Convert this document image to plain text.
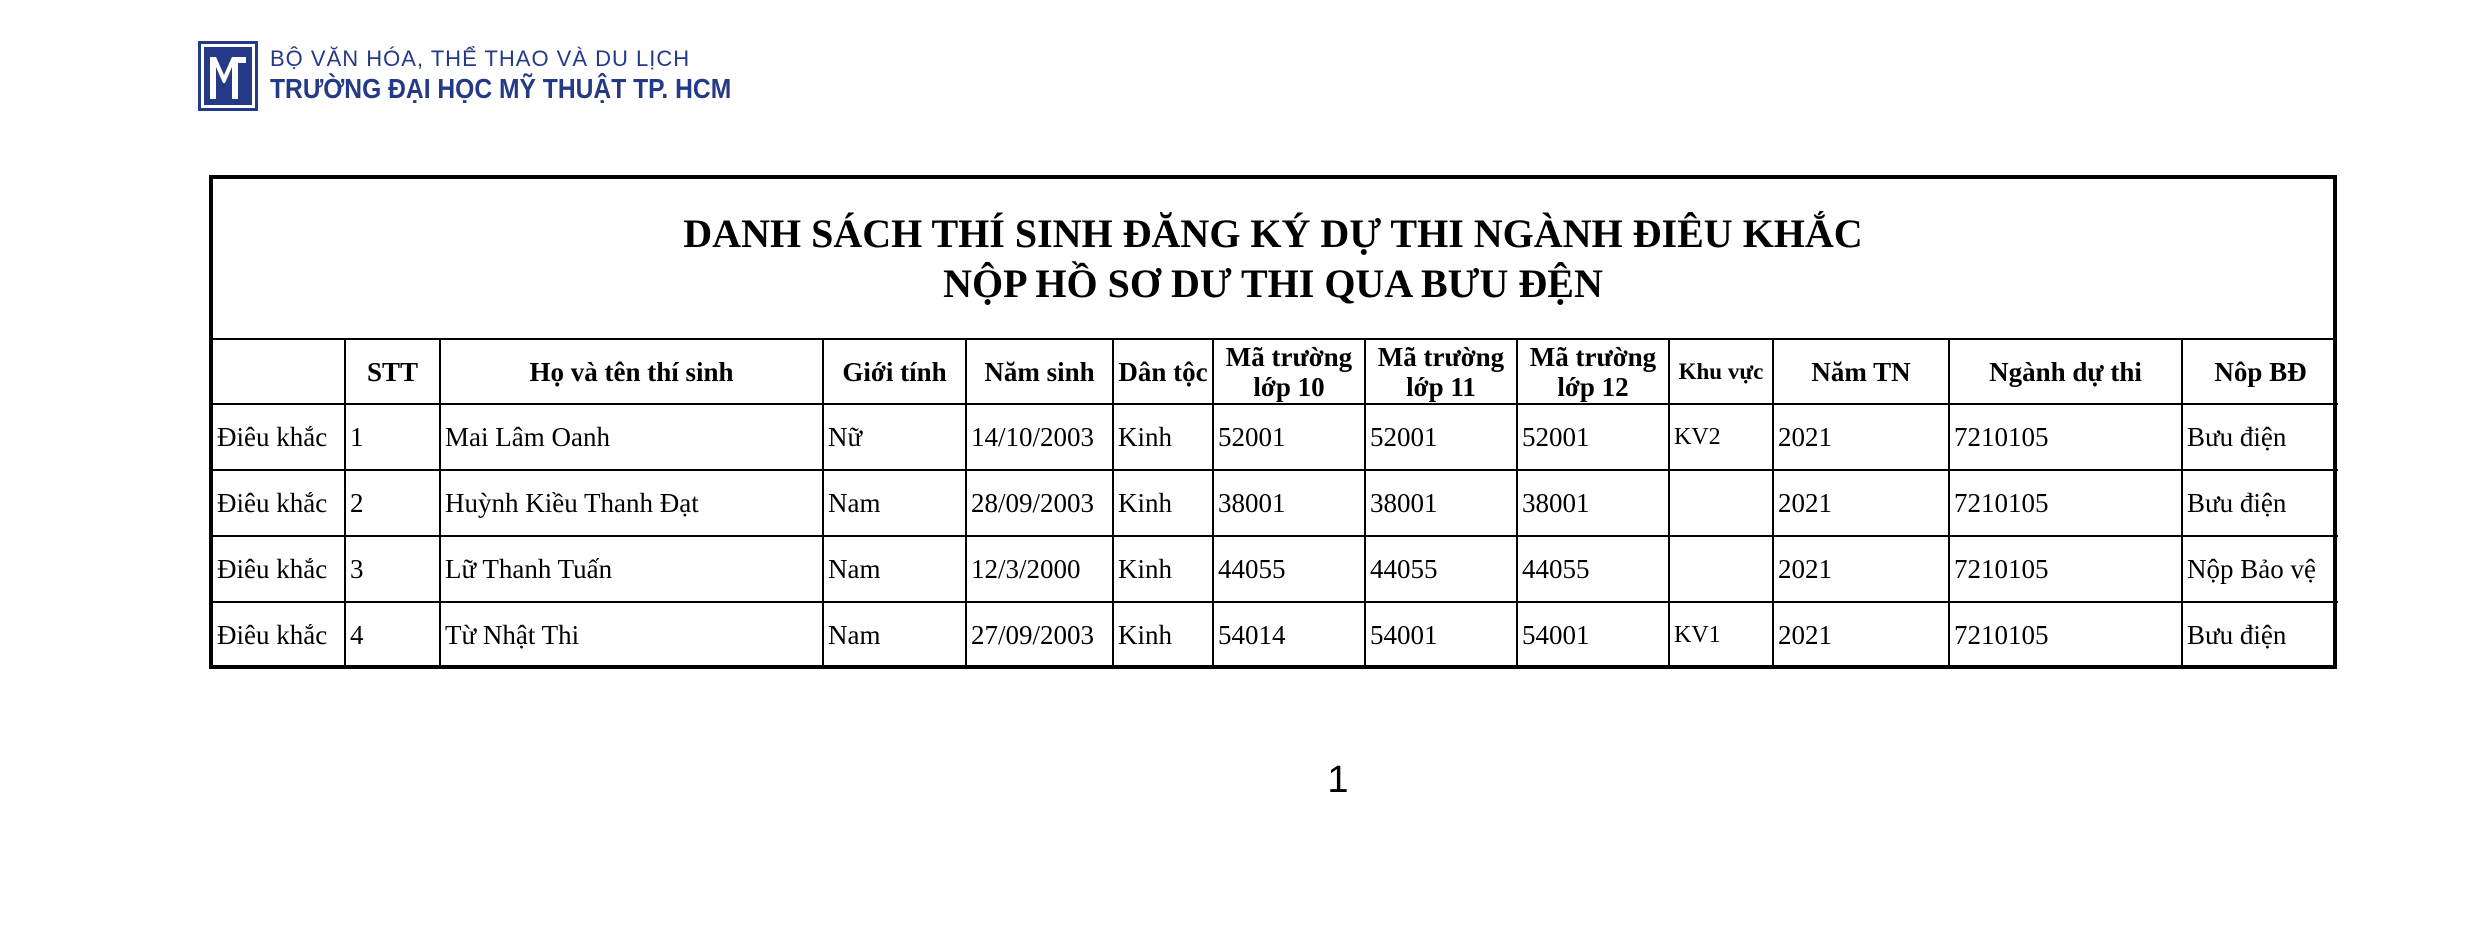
BỘ VĂN HÓA, THỂ THAO VÀ DU LỊCH
TRƯỜNG ĐẠI HỌC MỸ THUẬT TP. HCM
DANH SÁCH THÍ SINH ĐĂNG KÝ DỰ THI NGÀNH ĐIÊU KHẮC
NỘP HỒ SƠ DƯ THI QUA BƯU ĐỆN
	STT	Họ và tên thí sinh	Giới tính	Năm sinh	Dân tộc	Mã trường lớp 10	Mã trường lớp 11	Mã trường lớp 12	Khu vực	Năm TN	Ngành dự thi	Nôp BĐ
Điêu khắc	1	Mai Lâm Oanh	Nữ	14/10/2003	Kinh	52001	52001	52001	KV2	2021	7210105	Bưu điện
Điêu khắc	2	Huỳnh Kiều Thanh Đạt	Nam	28/09/2003	Kinh	38001	38001	38001		2021	7210105	Bưu điện
Điêu khắc	3	Lữ Thanh Tuấn	Nam	12/3/2000	Kinh	44055	44055	44055		2021	7210105	Nộp Bảo vệ
Điêu khắc	4	Từ Nhật Thi	Nam	27/09/2003	Kinh	54014	54001	54001	KV1	2021	7210105	Bưu điện
1
